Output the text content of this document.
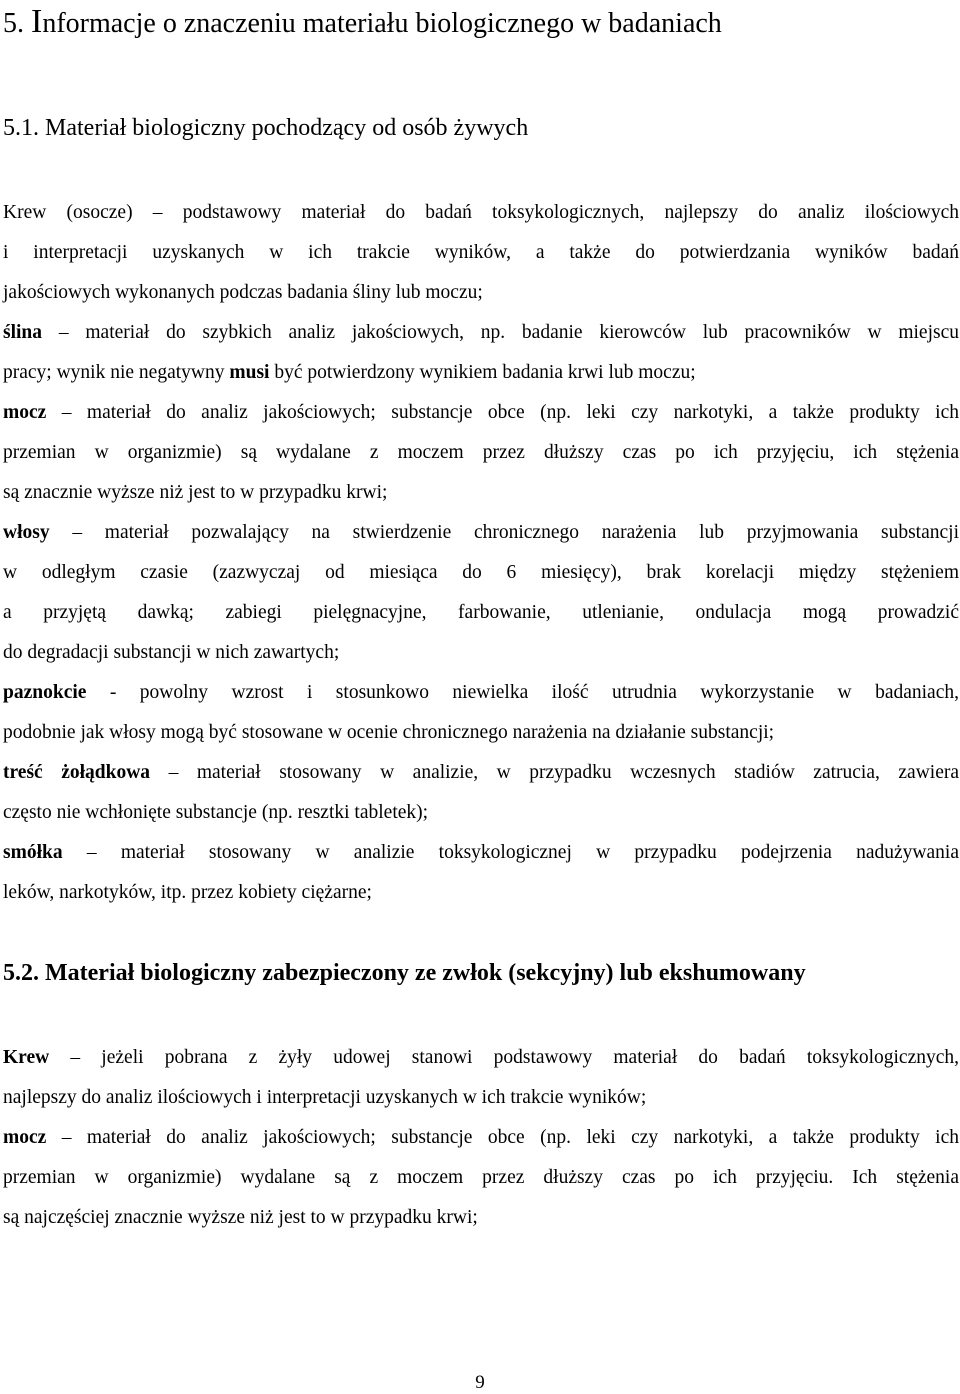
5. Informacje o znaczeniu materiału biologicznego w badaniach
5.1. Materiał biologiczny pochodzący od osób żywych
Krew (osocze) – podstawowy materiał do badań toksykologicznych, najlepszy do analiz ilościowych
i interpretacji uzyskanych w ich trakcie wyników, a także do potwierdzania wyników badań
jakościowych wykonanych podczas badania śliny lub moczu;
ślina – materiał do szybkich analiz jakościowych, np. badanie kierowców lub pracowników w miejscu
pracy; wynik nie negatywny musi być potwierdzony wynikiem badania krwi lub moczu;
mocz – materiał do analiz jakościowych; substancje obce (np. leki czy narkotyki, a także produkty ich
przemian w organizmie) są wydalane z moczem przez dłuższy czas po ich przyjęciu, ich stężenia
są znacznie wyższe niż jest to w przypadku krwi;
włosy – materiał pozwalający na stwierdzenie chronicznego narażenia lub przyjmowania substancji
w odległym czasie (zazwyczaj od miesiąca do 6 miesięcy), brak korelacji między stężeniem
a przyjętą dawką; zabiegi pielęgnacyjne, farbowanie, utlenianie, ondulacja mogą prowadzić
do degradacji substancji w nich zawartych;
paznokcie - powolny wzrost i stosunkowo niewielka ilość utrudnia wykorzystanie w badaniach,
podobnie jak włosy mogą być stosowane w ocenie chronicznego narażenia na działanie substancji;
treść żołądkowa – materiał stosowany w analizie, w przypadku wczesnych stadiów zatrucia, zawiera
często nie wchłonięte substancje (np. resztki tabletek);
smółka – materiał stosowany w analizie toksykologicznej w przypadku podejrzenia nadużywania
leków, narkotyków, itp. przez kobiety ciężarne;
5.2. Materiał biologiczny zabezpieczony ze zwłok (sekcyjny) lub ekshumowany
Krew – jeżeli pobrana z żyły udowej stanowi podstawowy materiał do badań toksykologicznych,
najlepszy do analiz ilościowych i interpretacji uzyskanych w ich trakcie wyników;
mocz – materiał do analiz jakościowych; substancje obce (np. leki czy narkotyki, a także produkty ich
przemian w organizmie) wydalane są z moczem przez dłuższy czas po ich przyjęciu. Ich stężenia
są najczęściej znacznie wyższe niż jest to w przypadku krwi;
9
